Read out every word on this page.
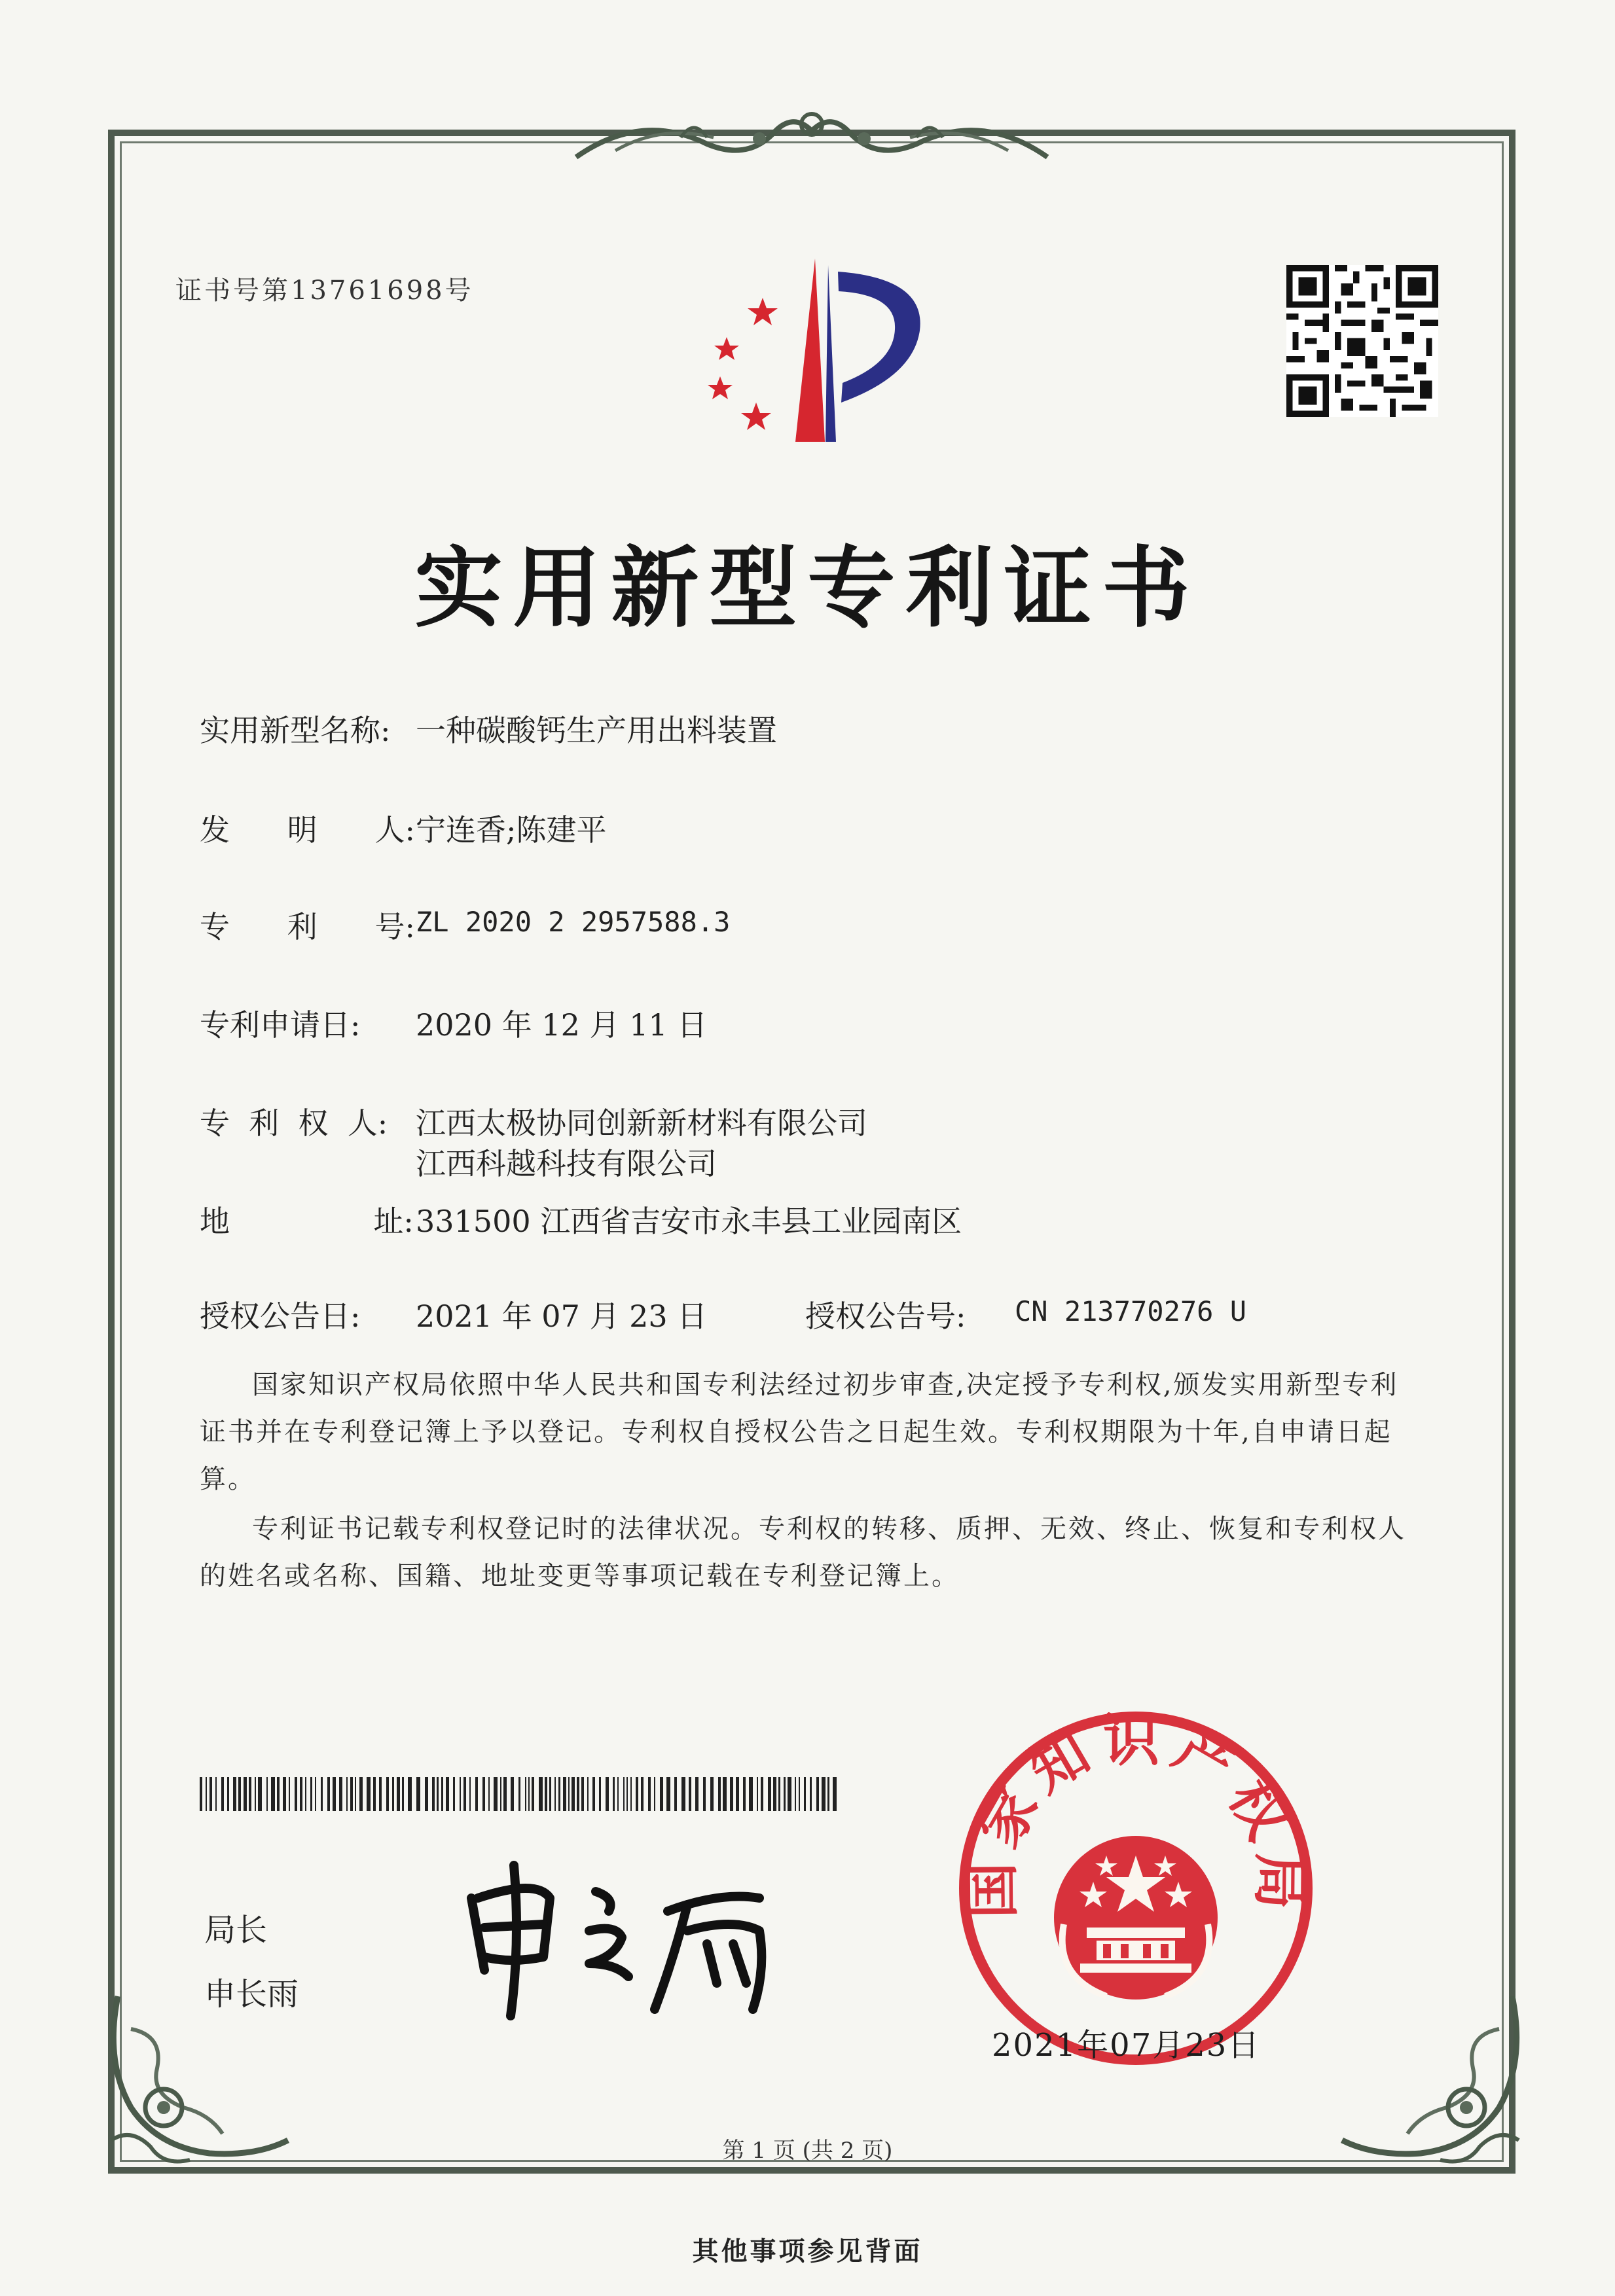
证书号第13761698号
实用新型专利证书
实用新型名称: 一种碳酸钙生产用出料装置
发      明      人: 宁连香;陈建平
专      利      号: ZL 2020 2 2957588.3
专利申请日: 2020 年 12 月 11 日
专  利  权  人: 江西太极协同创新新材料有限公司
江西科越科技有限公司
地               址: 331500 江西省吉安市永丰县工业园南区
授权公告日: 2021 年 07 月 23 日	授权公告号: CN 213770276 U
国家知识产权局依照中华人民共和国专利法经过初步审查,决定授予专利权,颁发实用新型专利证书并在专利登记簿上予以登记。专利权自授权公告之日起生效。专利权期限为十年,自申请日起算。
专利证书记载专利权登记时的法律状况。专利权的转移、质押、无效、终止、恢复和专利权人的姓名或名称、国籍、地址变更等事项记载在专利登记簿上。
局长
申长雨
国家知识产权局
2021年07月23日
第 1 页 (共 2 页)
其他事项参见背面
